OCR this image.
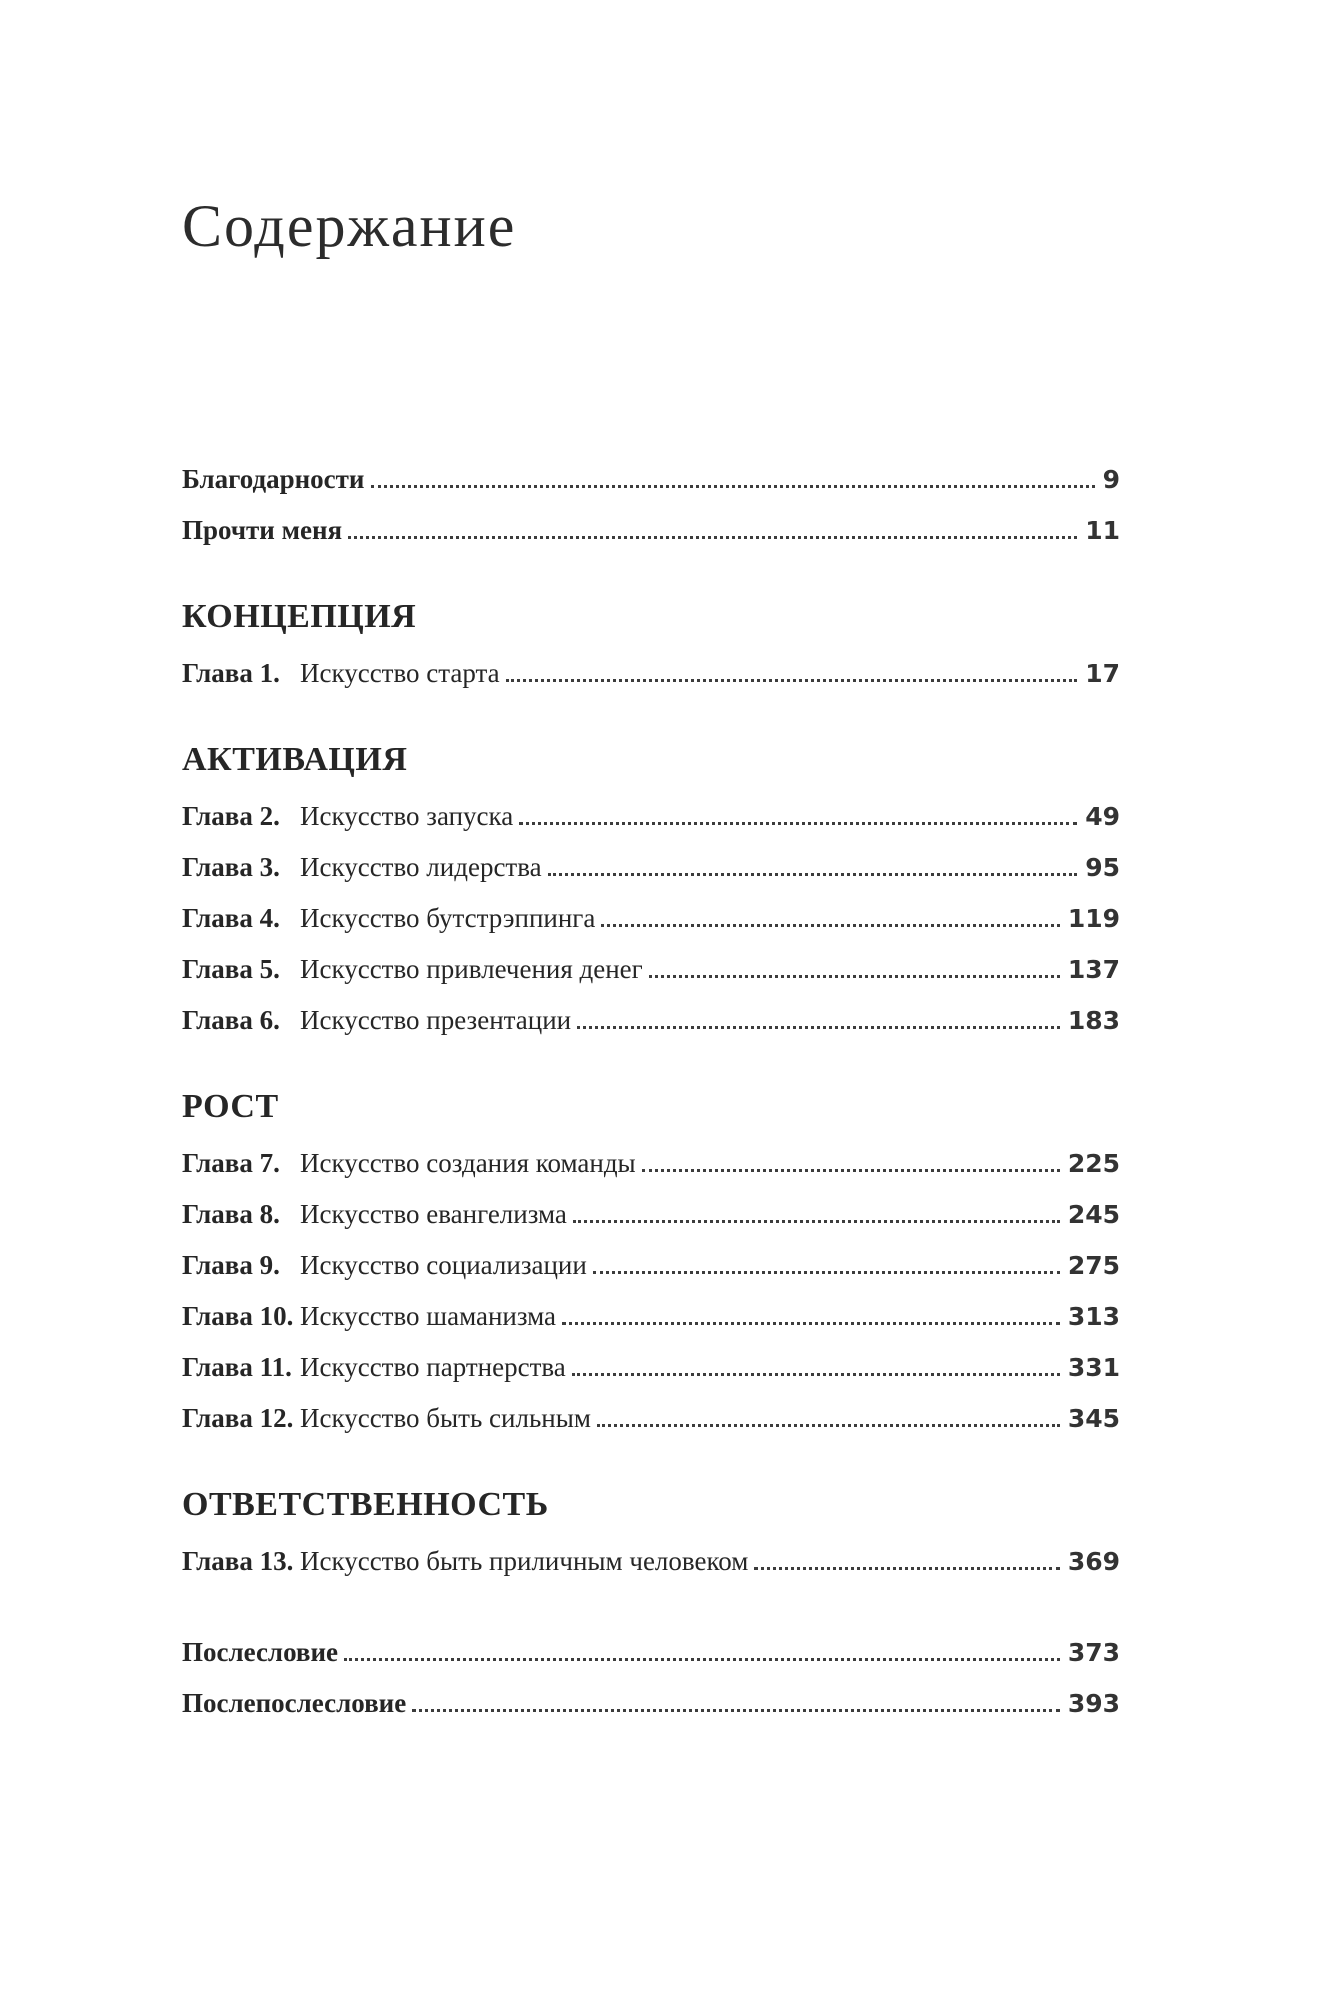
Содержание
Благодарности	9
Прочти меня	11
КОНЦЕПЦИЯ
Глава 1. Искусство старта	17
АКТИВАЦИЯ
Глава 2. Искусство запуска	49
Глава 3. Искусство лидерства	95
Глава 4. Искусство бутстрэппинга	119
Глава 5. Искусство привлечения денег	137
Глава 6. Искусство презентации	183
РОСТ
Глава 7. Искусство создания команды	225
Глава 8. Искусство евангелизма	245
Глава 9. Искусство социализации	275
Глава 10. Искусство шаманизма	313
Глава 11. Искусство партнерства	331
Глава 12. Искусство быть сильным	345
ОТВЕТСТВЕННОСТЬ
Глава 13. Искусство быть приличным человеком	369
Послесловие	373
Послепослесловие	393
